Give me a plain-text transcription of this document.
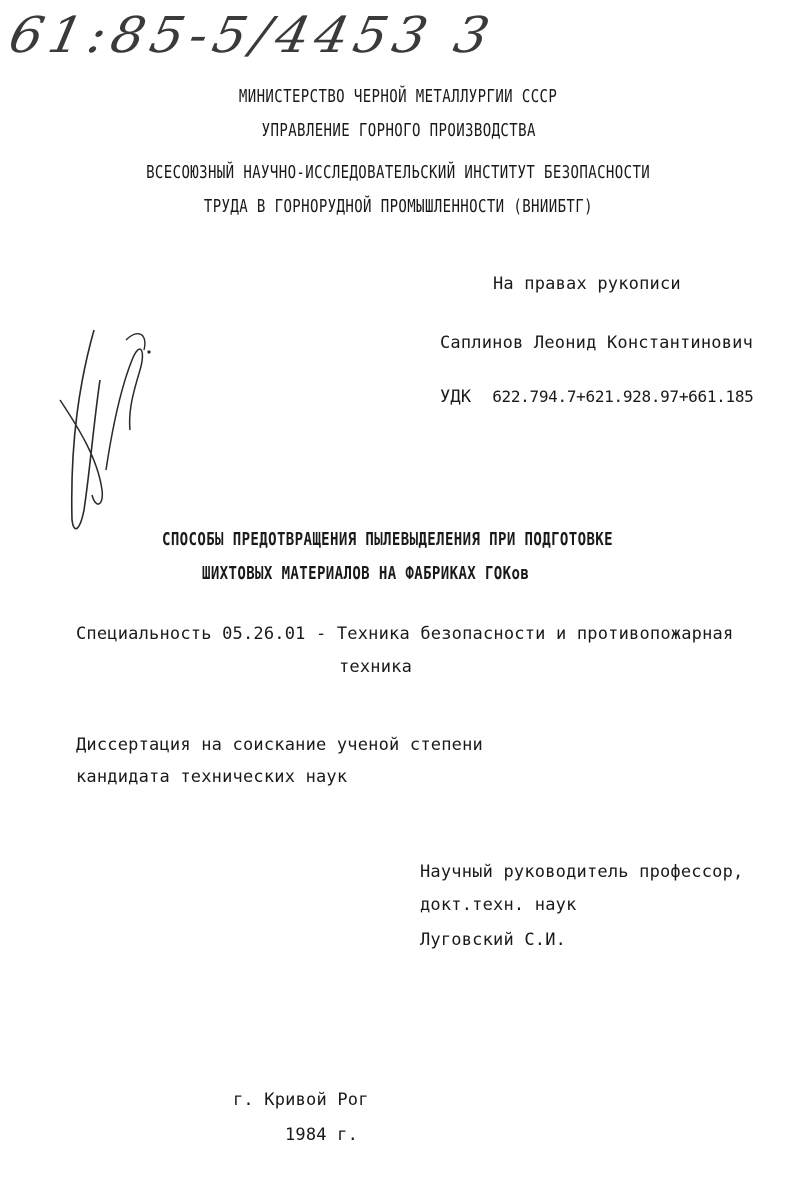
61:85-5/4453 3
МИНИСТЕРСТВО ЧЕРНОЙ МЕТАЛЛУРГИИ СССР
УПРАВЛЕНИЕ ГОРНОГО ПРОИЗВОДСТВА
ВСЕСОЮЗНЫЙ НАУЧНО-ИССЛЕДОВАТЕЛЬСКИЙ ИНСТИТУТ БЕЗОПАСНОСТИ
ТРУДА В ГОРНОРУДНОЙ ПРОМЫШЛЕННОСТИ (ВНИИБТГ)
На правах рукописи
Саплинов Леонид Константинович
УДК 622.794.7+621.928.97+661.185
СПОСОБЫ ПРЕДОТВРАЩЕНИЯ ПЫЛЕВЫДЕЛЕНИЯ ПРИ ПОДГОТОВКЕ
ШИХТОВЫХ МАТЕРИАЛОВ НА ФАБРИКАХ ГОКов
Специальность 05.26.01 - Техника безопасности и противопожарная
техника
Диссертация на соискание ученой степени
кандидата технических наук
Научный руководитель профессор,
докт.техн. наук
Луговский С.И.
г. Кривой Рог
1984 г.
